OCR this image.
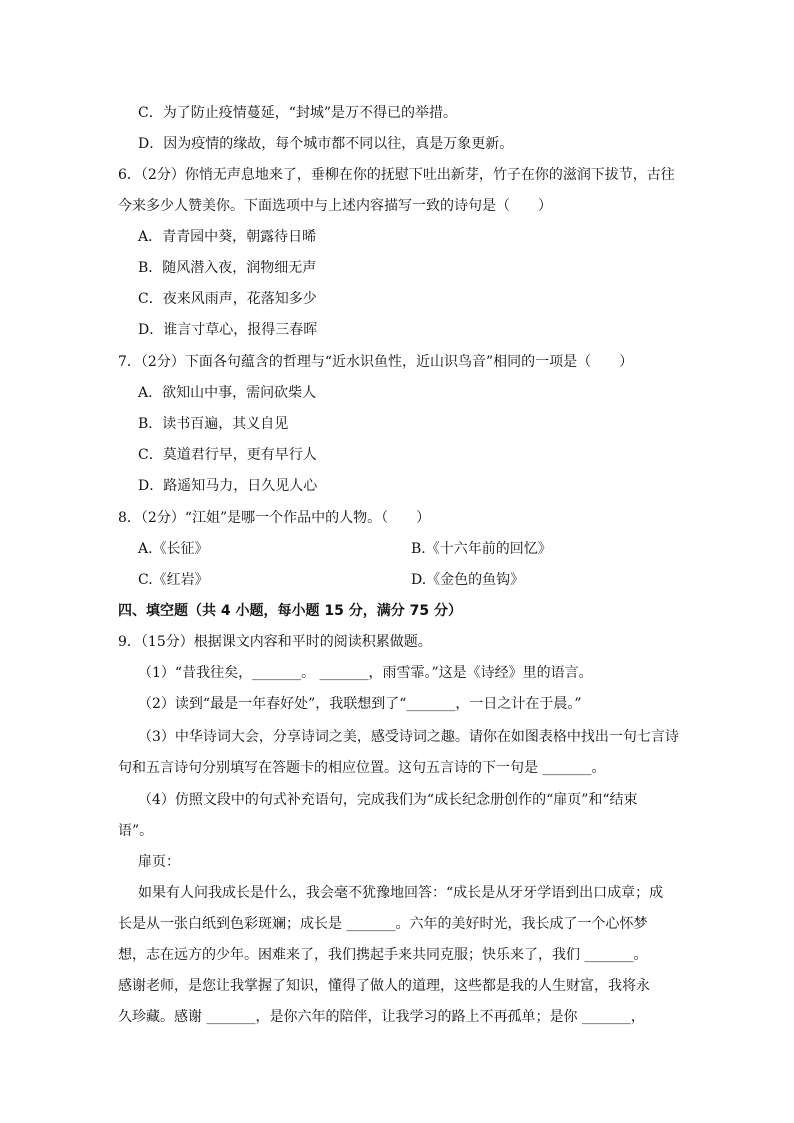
C．为了防止疫情蔓延，“封城”是万不得已的举措。
D．因为疫情的缘故，每个城市都不同以往，真是万象更新。
6．（2分）你悄无声息地来了，垂柳在你的抚慰下吐出新芽，竹子在你的滋润下拔节，古往
今来多少人赞美你。下面选项中与上述内容描写一致的诗句是（　　）
A．青青园中葵，朝露待日晞
B．随风潜入夜，润物细无声
C．夜来风雨声，花落知多少
D．谁言寸草心，报得三春晖
7．（2分）下面各句蕴含的哲理与“近水识鱼性，近山识鸟音”相同的一项是（　　）
A．欲知山中事，需问砍柴人
B．读书百遍，其义自见
C．莫道君行早，更有早行人
D．路遥知马力，日久见人心
8．（2分）“江姐”是哪一个作品中的人物。（　　）
A.《长征》	B.《十六年前的回忆》
C.《红岩》	D.《金色的鱼钩》
四、填空题（共 4 小题，每小题 15 分，满分 75 分）
9．（15分）根据课文内容和平时的阅读积累做题。
（1）“昔我往矣，_______。 _______，雨雪霏。”这是《诗经》里的语言。
（2）读到“最是一年春好处”，我联想到了“_______，一日之计在于晨。”
（3）中华诗词大会，分享诗词之美，感受诗词之趣。请你在如图表格中找出一句七言诗
句和五言诗句分别填写在答题卡的相应位置。这句五言诗的下一句是 _______。
（4）仿照文段中的句式补充语句，完成我们为“成长纪念册创作的“扉页”和“结束
语”。
扉页：
如果有人问我成长是什么，我会毫不犹豫地回答：“成长是从牙牙学语到出口成章；成
长是从一张白纸到色彩斑斓；成长是 _______。六年的美好时光，我长成了一个心怀梦
想，志在远方的少年。困难来了，我们携起手来共同克服；快乐来了，我们 _______。
感谢老师，是您让我掌握了知识，懂得了做人的道理，这些都是我的人生财富，我将永
久珍藏。感谢 _______，是你六年的陪伴，让我学习的路上不再孤单；是你 _______，
